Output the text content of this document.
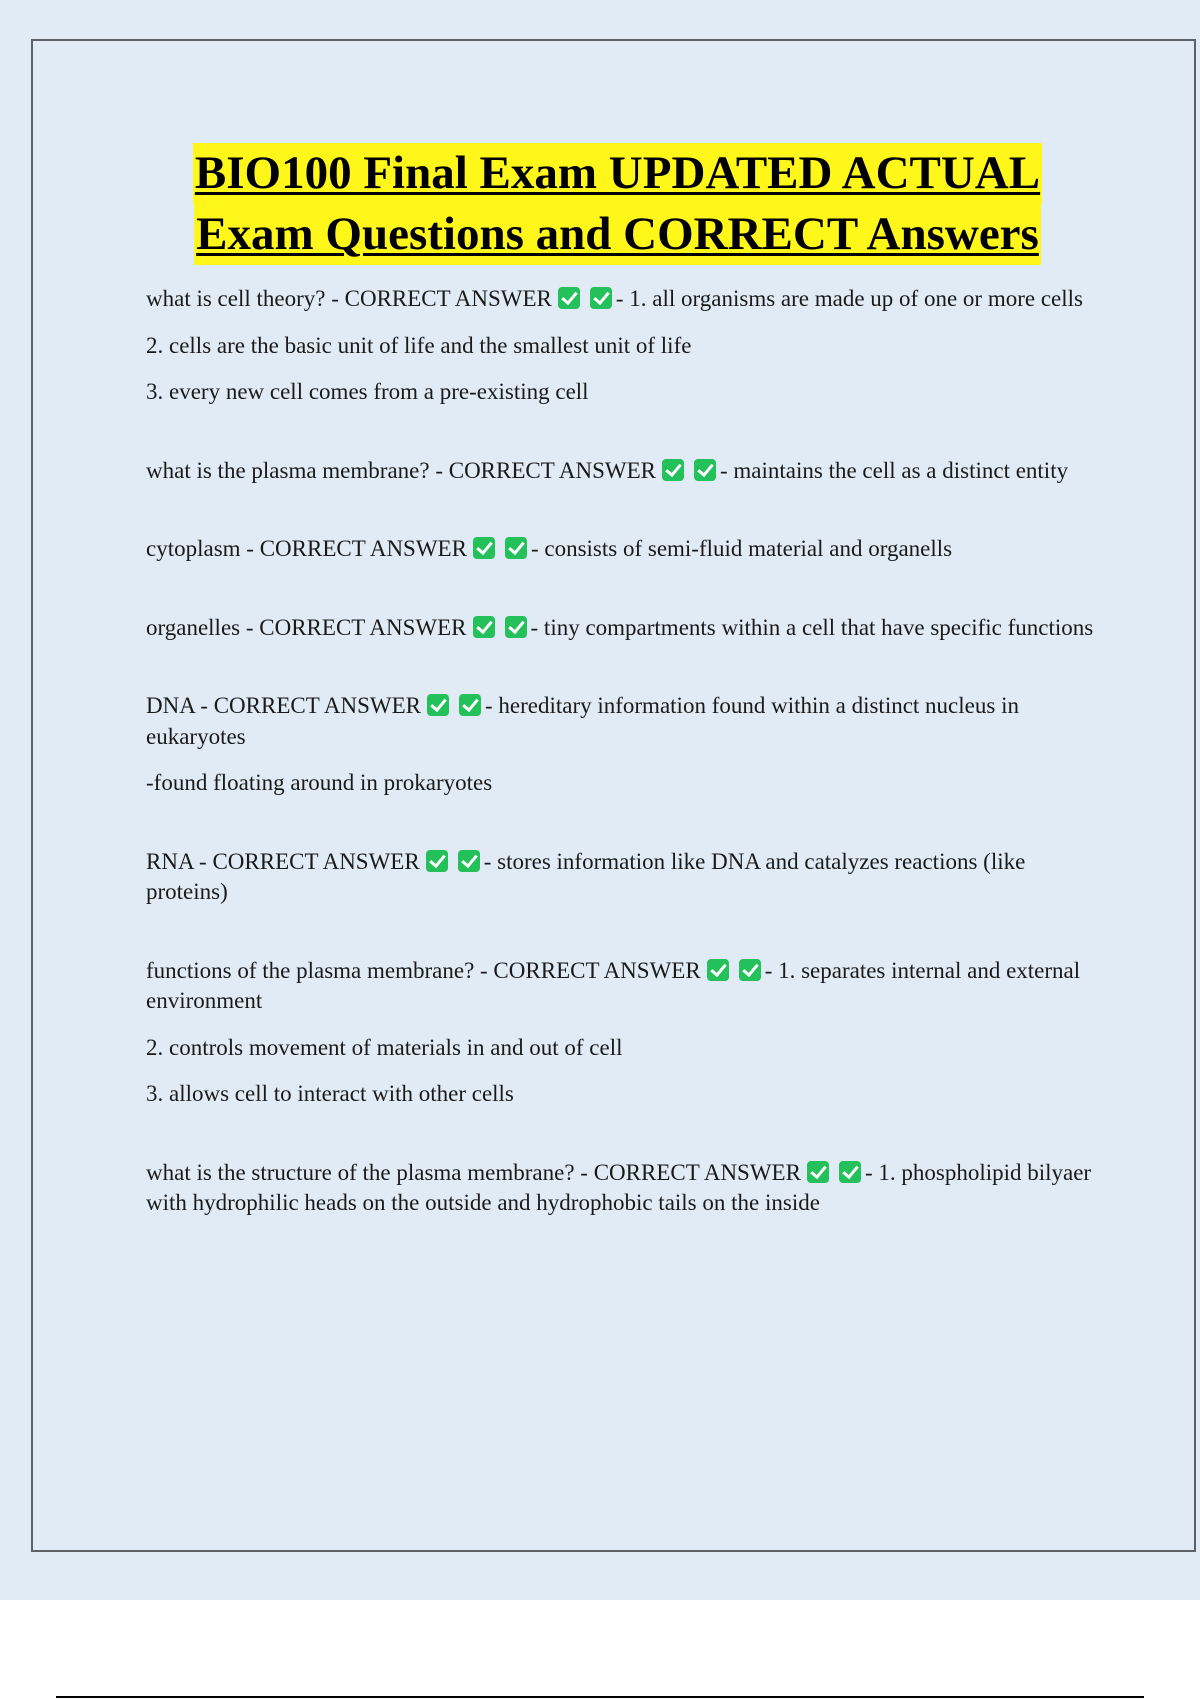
BIO100 Final Exam UPDATED ACTUAL
Exam Questions and CORRECT Answers

what is cell theory? - CORRECT ANSWER	- 1. all organisms are made up of one or more cells

2. cells are the basic unit of life and the smallest unit of life

3. every new cell comes from a pre-existing cell

what is the plasma membrane? - CORRECT ANSWER	- maintains the cell as a distinct entity

cytoplasm - CORRECT ANSWER	- consists of semi-fluid material and organells

organelles - CORRECT ANSWER	- tiny compartments within a cell that have specific functions

DNA - CORRECT ANSWER	- hereditary information found within a distinct nucleus in eukaryotes

-found floating around in prokaryotes

RNA - CORRECT ANSWER	- stores information like DNA and catalyzes reactions (like proteins)

functions of the plasma membrane? - CORRECT ANSWER	- 1. separates internal and external environment

2. controls movement of materials in and out of cell

3. allows cell to interact with other cells

what is the structure of the plasma membrane? - CORRECT ANSWER	- 1. phospholipid bilyaer with hydrophilic heads on the outside and hydrophobic tails on the inside
